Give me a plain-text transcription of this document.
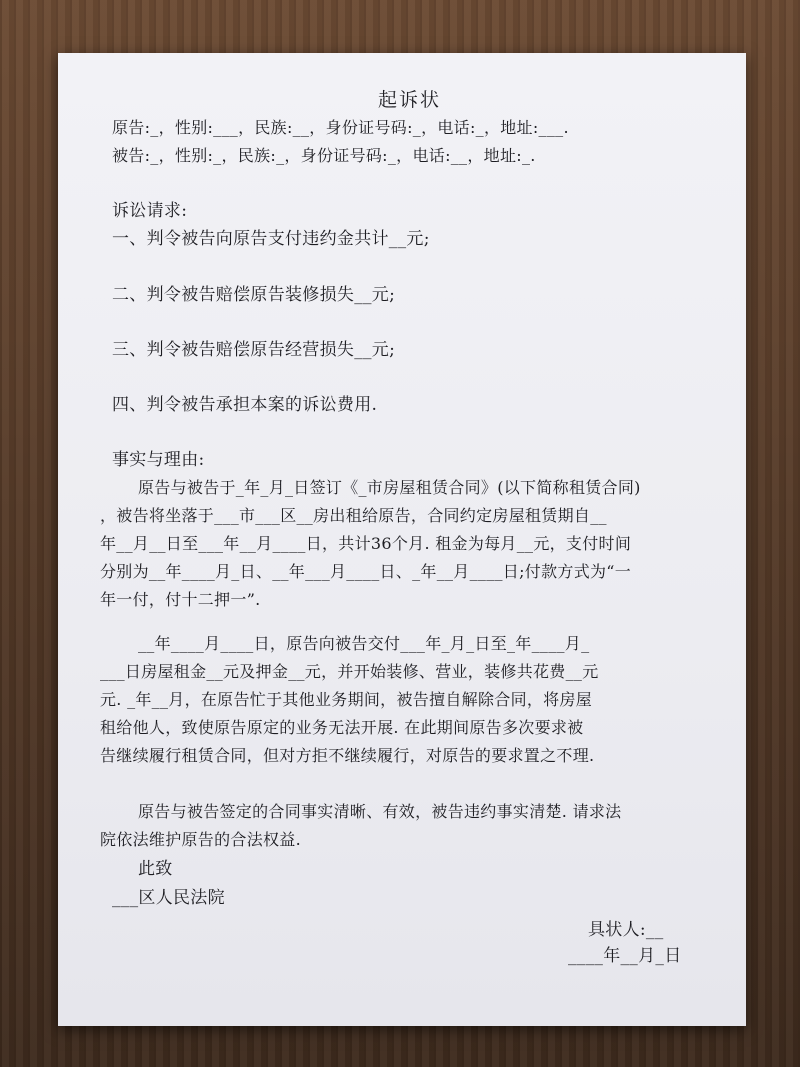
起诉状
原告:_，性别:___，民族:__，身份证号码:_，电话:_，地址:___.
被告:_，性别:_，民族:_，身份证号码:_，电话:__，地址:_.
诉讼请求:
一、判令被告向原告支付违约金共计__元;
二、判令被告赔偿原告装修损失__元;
三、判令被告赔偿原告经营损失__元;
四、判令被告承担本案的诉讼费用.
事实与理由:
原告与被告于_年_月_日签订《_市房屋租赁合同》(以下简称租赁合同)
，被告将坐落于___市___区__房出租给原告，合同约定房屋租赁期自__
年__月__日至___年__月____日，共计36个月. 租金为每月__元，支付时间
分别为__年____月_日、__年___月____日、_年__月____日;付款方式为“一
年一付，付十二押一”.
__年____月____日，原告向被告交付___年_月_日至_年____月_
___日房屋租金__元及押金__元，并开始装修、营业，装修共花费__元
元. _年__月，在原告忙于其他业务期间，被告擅自解除合同，将房屋
租给他人，致使原告原定的业务无法开展. 在此期间原告多次要求被
告继续履行租赁合同，但对方拒不继续履行，对原告的要求置之不理.
原告与被告签定的合同事实清晰、有效，被告违约事实清楚. 请求法
院依法维护原告的合法权益.
此致
___区人民法院
具状人:__
____年__月_日
